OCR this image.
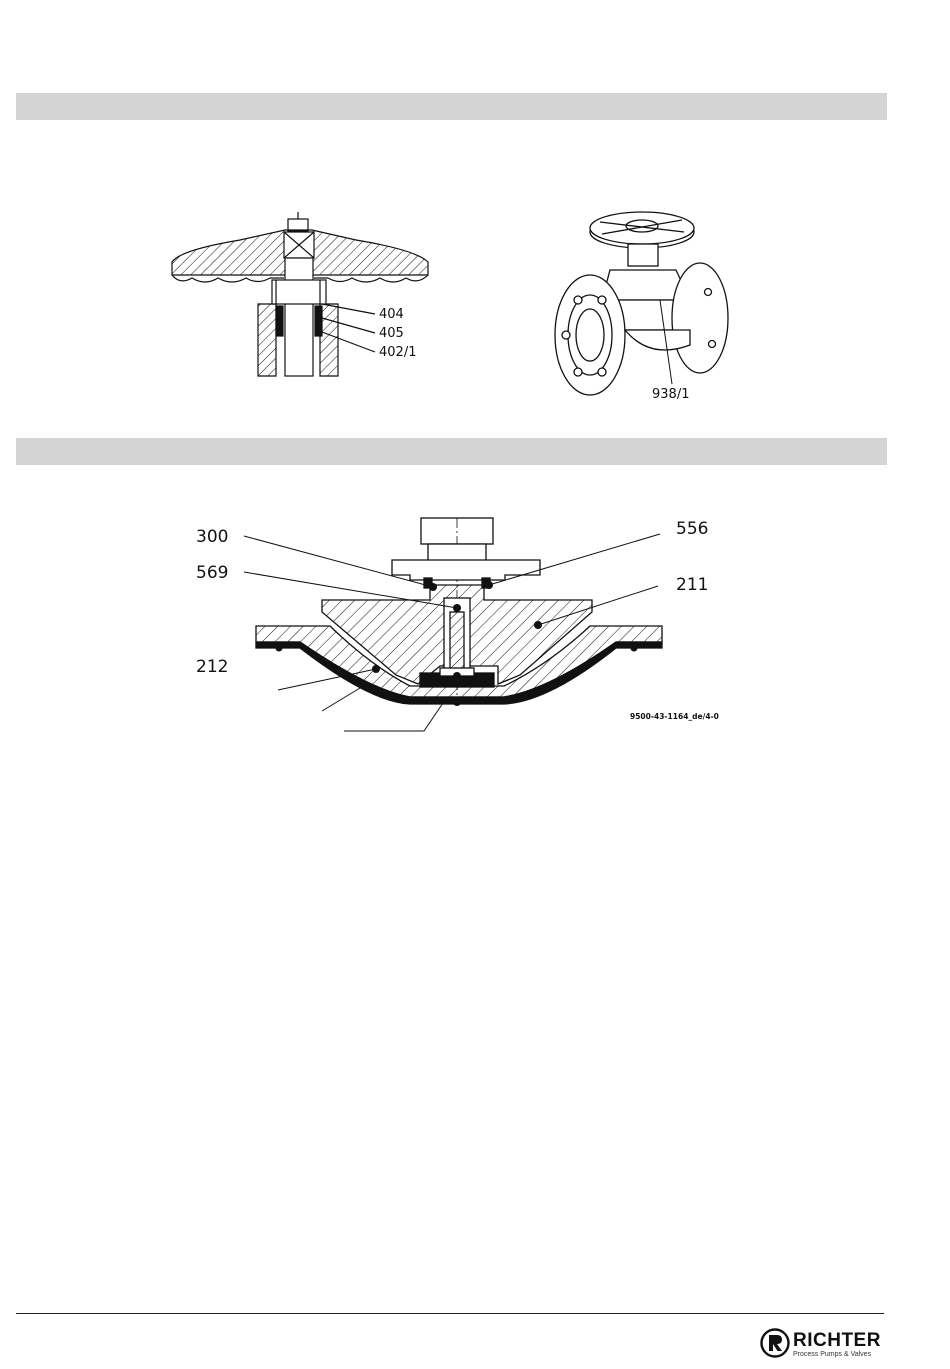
404
405
402/1
938/1
300
569
556
211
212
9500-43-1164_de/4-0
RICHTER
Process Pumps & Valves
